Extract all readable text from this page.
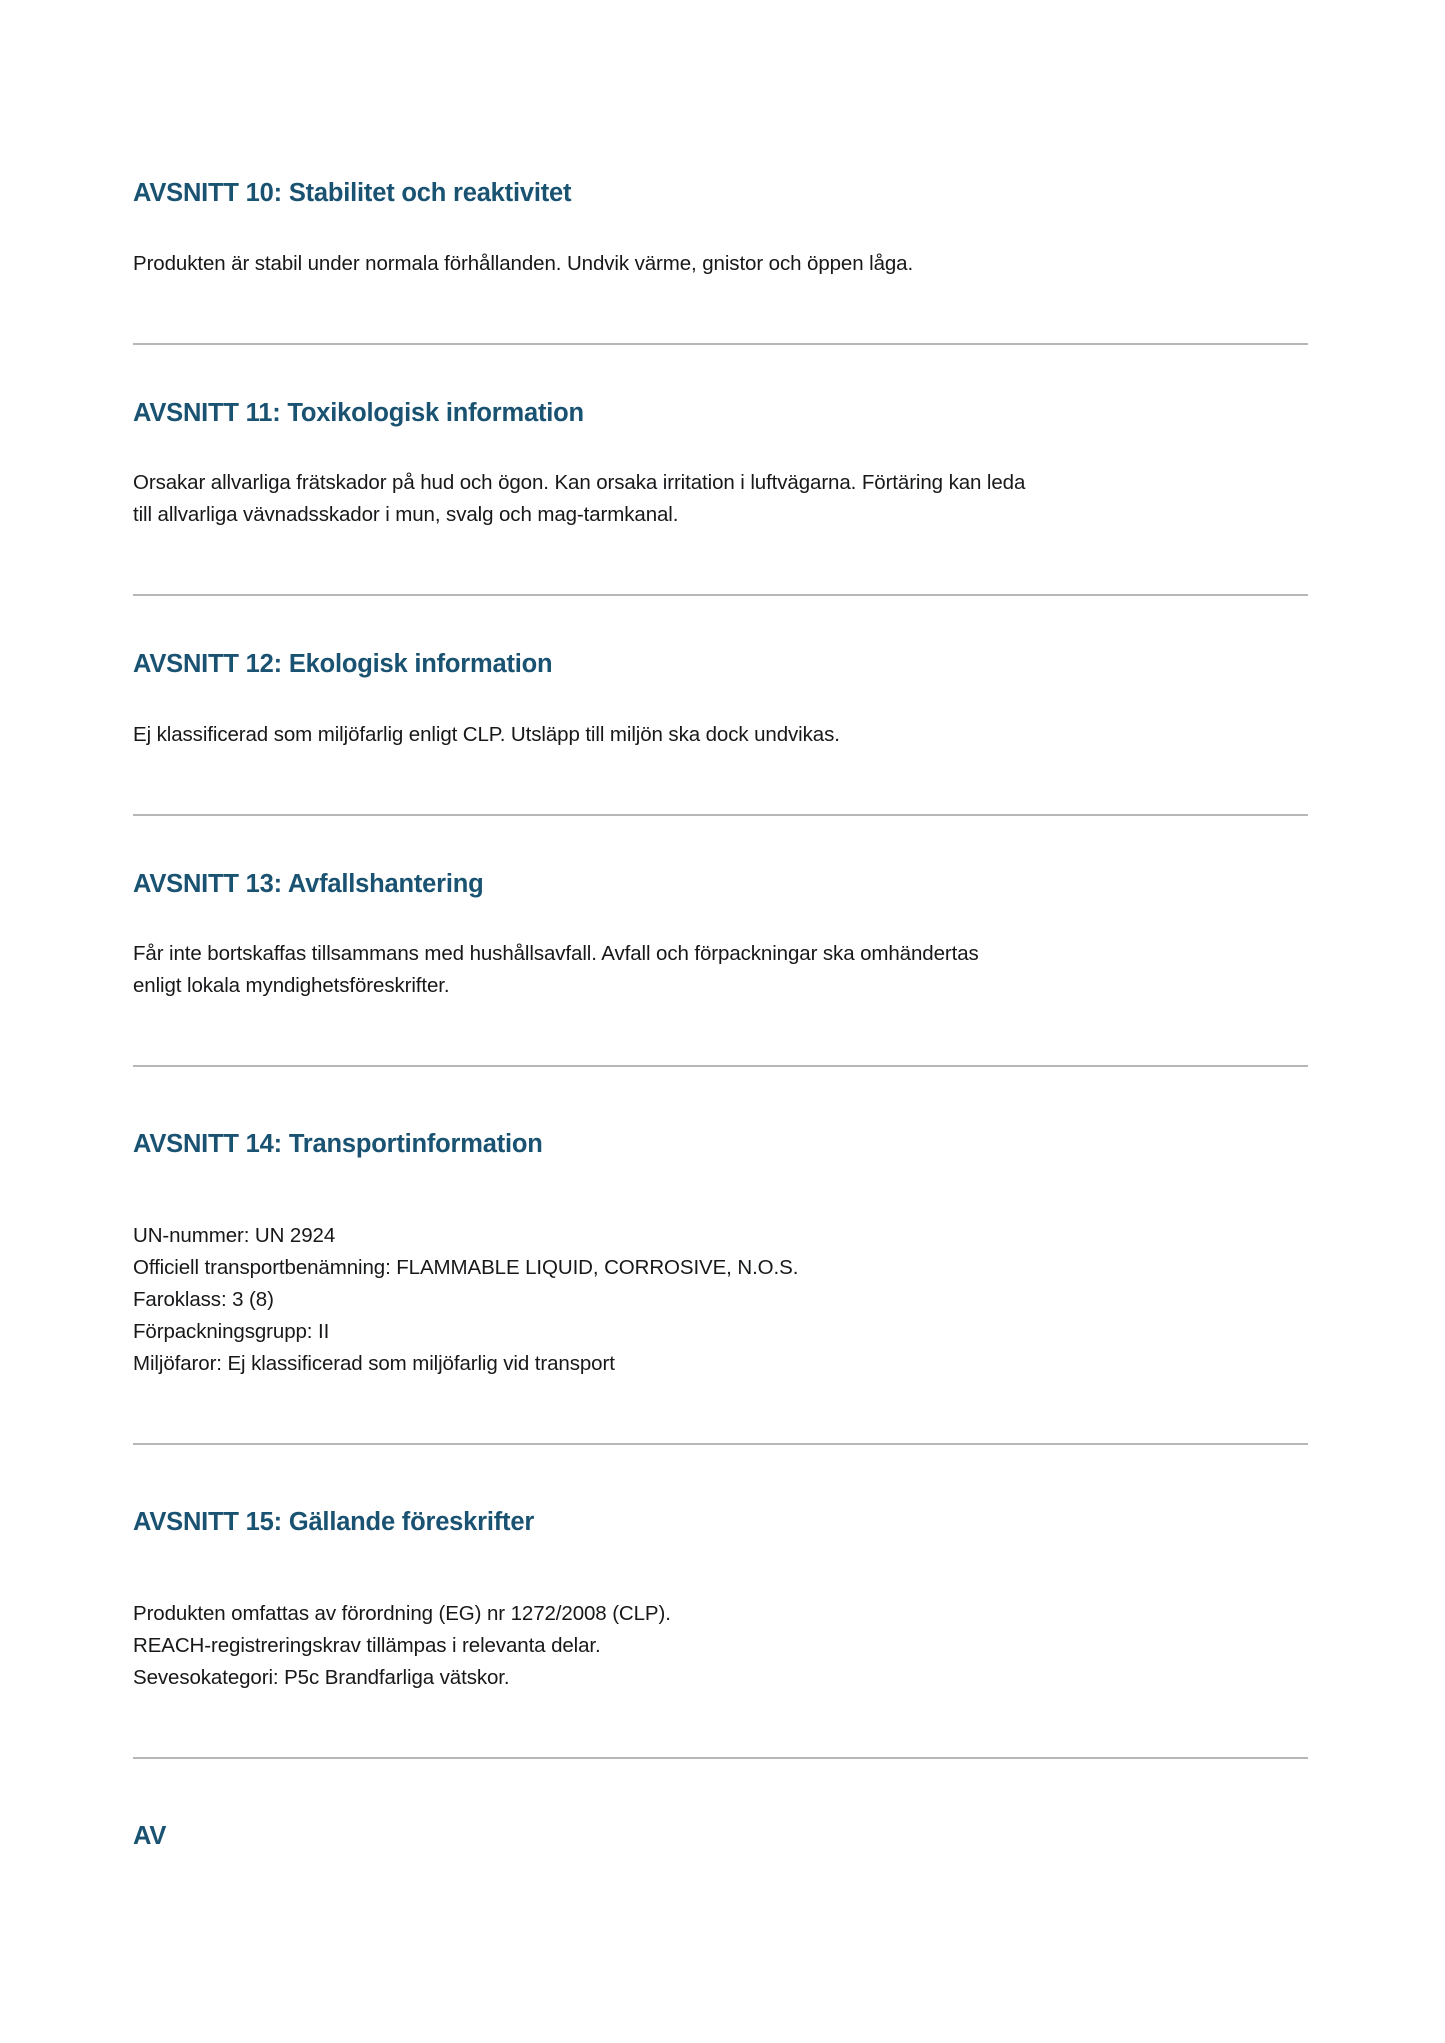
AVSNITT 10: Stabilitet och reaktivitet

Produkten är stabil under normala förhållanden. Undvik värme, gnistor och öppen låga.

AVSNITT 11: Toxikologisk information

Orsakar allvarliga frätskador på hud och ögon. Kan orsaka irritation i luftvägarna. Förtäring kan leda
till allvarliga vävnadsskador i mun, svalg och mag-tarmkanal.

AVSNITT 12: Ekologisk information

Ej klassificerad som miljöfarlig enligt CLP. Utsläpp till miljön ska dock undvikas.

AVSNITT 13: Avfallshantering

Får inte bortskaffas tillsammans med hushållsavfall. Avfall och förpackningar ska omhändertas
enligt lokala myndighetsföreskrifter.

AVSNITT 14: Transportinformation

UN-nummer: UN 2924
Officiell transportbenämning: FLAMMABLE LIQUID, CORROSIVE, N.O.S.
Faroklass: 3 (8)
Förpackningsgrupp: II
Miljöfaror: Ej klassificerad som miljöfarlig vid transport

AVSNITT 15: Gällande föreskrifter

Produkten omfattas av förordning (EG) nr 1272/2008 (CLP).
REACH-registreringskrav tillämpas i relevanta delar.
Sevesokategori: P5c Brandfarliga vätskor.

AV
